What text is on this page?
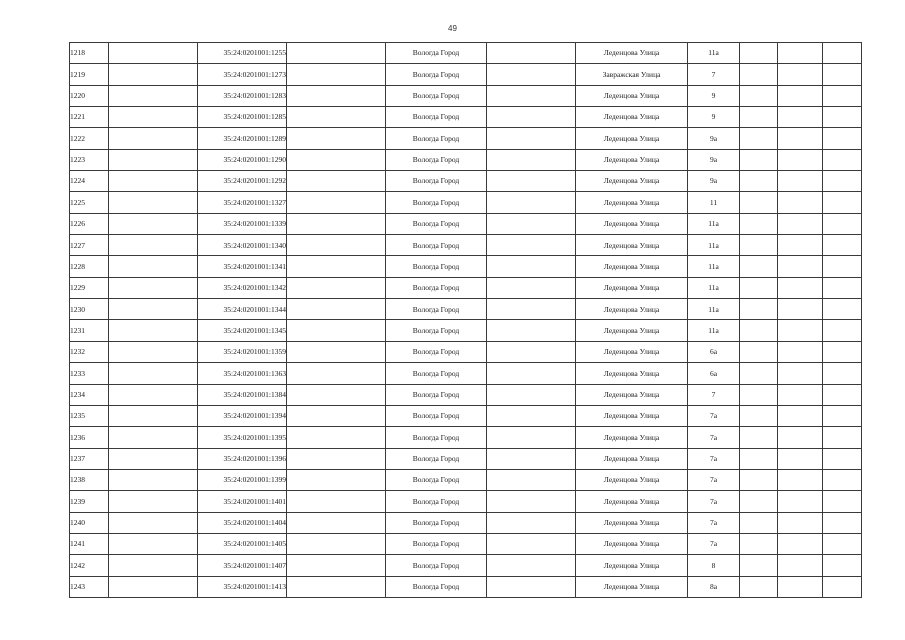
49
1218		35:24:0201001:1255		Вологда Город		Леденцова Улица	11а			
1219		35:24:0201001:1273		Вологда Город		Завражская Улица	7			
1220		35:24:0201001:1283		Вологда Город		Леденцова Улица	9			
1221		35:24:0201001:1285		Вологда Город		Леденцова Улица	9			
1222		35:24:0201001:1289		Вологда Город		Леденцова Улица	9а			
1223		35:24:0201001:1290		Вологда Город		Леденцова Улица	9а			
1224		35:24:0201001:1292		Вологда Город		Леденцова Улица	9а			
1225		35:24:0201001:1327		Вологда Город		Леденцова Улица	11			
1226		35:24:0201001:1339		Вологда Город		Леденцова Улица	11а			
1227		35:24:0201001:1340		Вологда Город		Леденцова Улица	11а			
1228		35:24:0201001:1341		Вологда Город		Леденцова Улица	11а			
1229		35:24:0201001:1342		Вологда Город		Леденцова Улица	11а			
1230		35:24:0201001:1344		Вологда Город		Леденцова Улица	11а			
1231		35:24:0201001:1345		Вологда Город		Леденцова Улица	11а			
1232		35:24:0201001:1359		Вологда Город		Леденцова Улица	6а			
1233		35:24:0201001:1363		Вологда Город		Леденцова Улица	6а			
1234		35:24:0201001:1384		Вологда Город		Леденцова Улица	7			
1235		35:24:0201001:1394		Вологда Город		Леденцова Улица	7а			
1236		35:24:0201001:1395		Вологда Город		Леденцова Улица	7а			
1237		35:24:0201001:1396		Вологда Город		Леденцова Улица	7а			
1238		35:24:0201001:1399		Вологда Город		Леденцова Улица	7а			
1239		35:24:0201001:1401		Вологда Город		Леденцова Улица	7а			
1240		35:24:0201001:1404		Вологда Город		Леденцова Улица	7а			
1241		35:24:0201001:1405		Вологда Город		Леденцова Улица	7а			
1242		35:24:0201001:1407		Вологда Город		Леденцова Улица	8			
1243		35:24:0201001:1413		Вологда Город		Леденцова Улица	8а			
